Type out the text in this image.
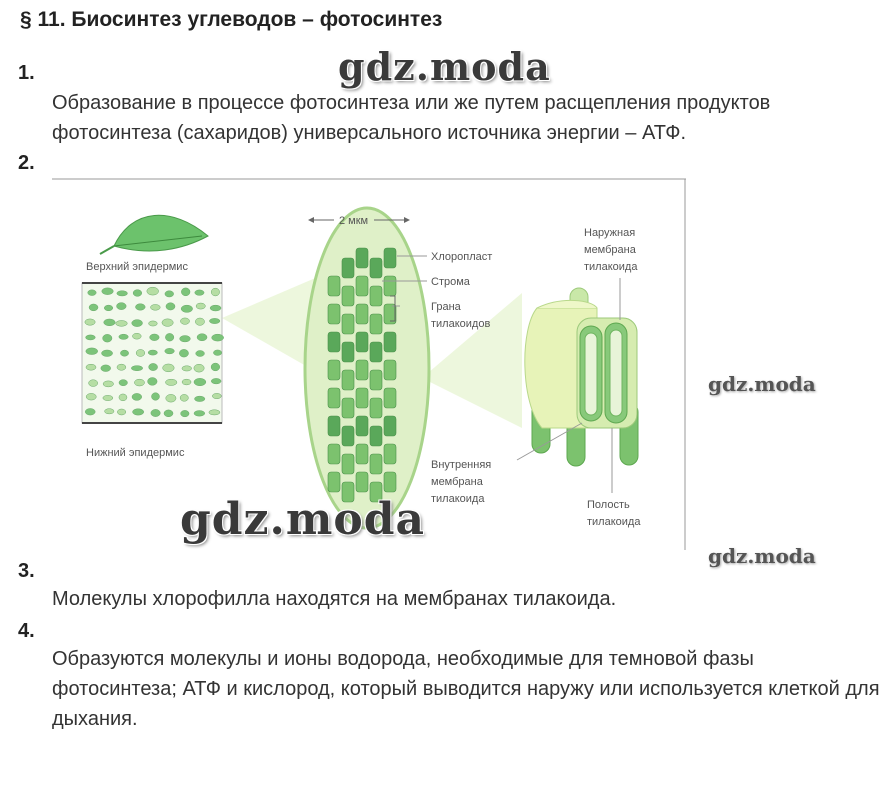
§ 11. Биосинтез углеводов – фотосинтез
1.
Образование в процессе фотосинтеза или же путем расщепления продуктов фотосинтеза (сахаридов) универсального источника энергии – АТФ.
2.
Верхний эпидермис
Нижний эпидермис
2 мкм
Хлоропласт
Строма
Грана
тилакоидов
Наружная
мембрана
тилакоида
Внутренняя
мембрана
тилакоида	Полость
тилакоида
3.
Молекулы хлорофилла находятся на мембранах тилакоида.
4.
Образуются молекулы и ионы водорода, необходимые для темновой фазы фотосинтеза; АТФ и кислород, который выводится наружу или используется клеткой для дыхания.
gdz.moda
gdz.moda
gdz.moda
gdz.moda
